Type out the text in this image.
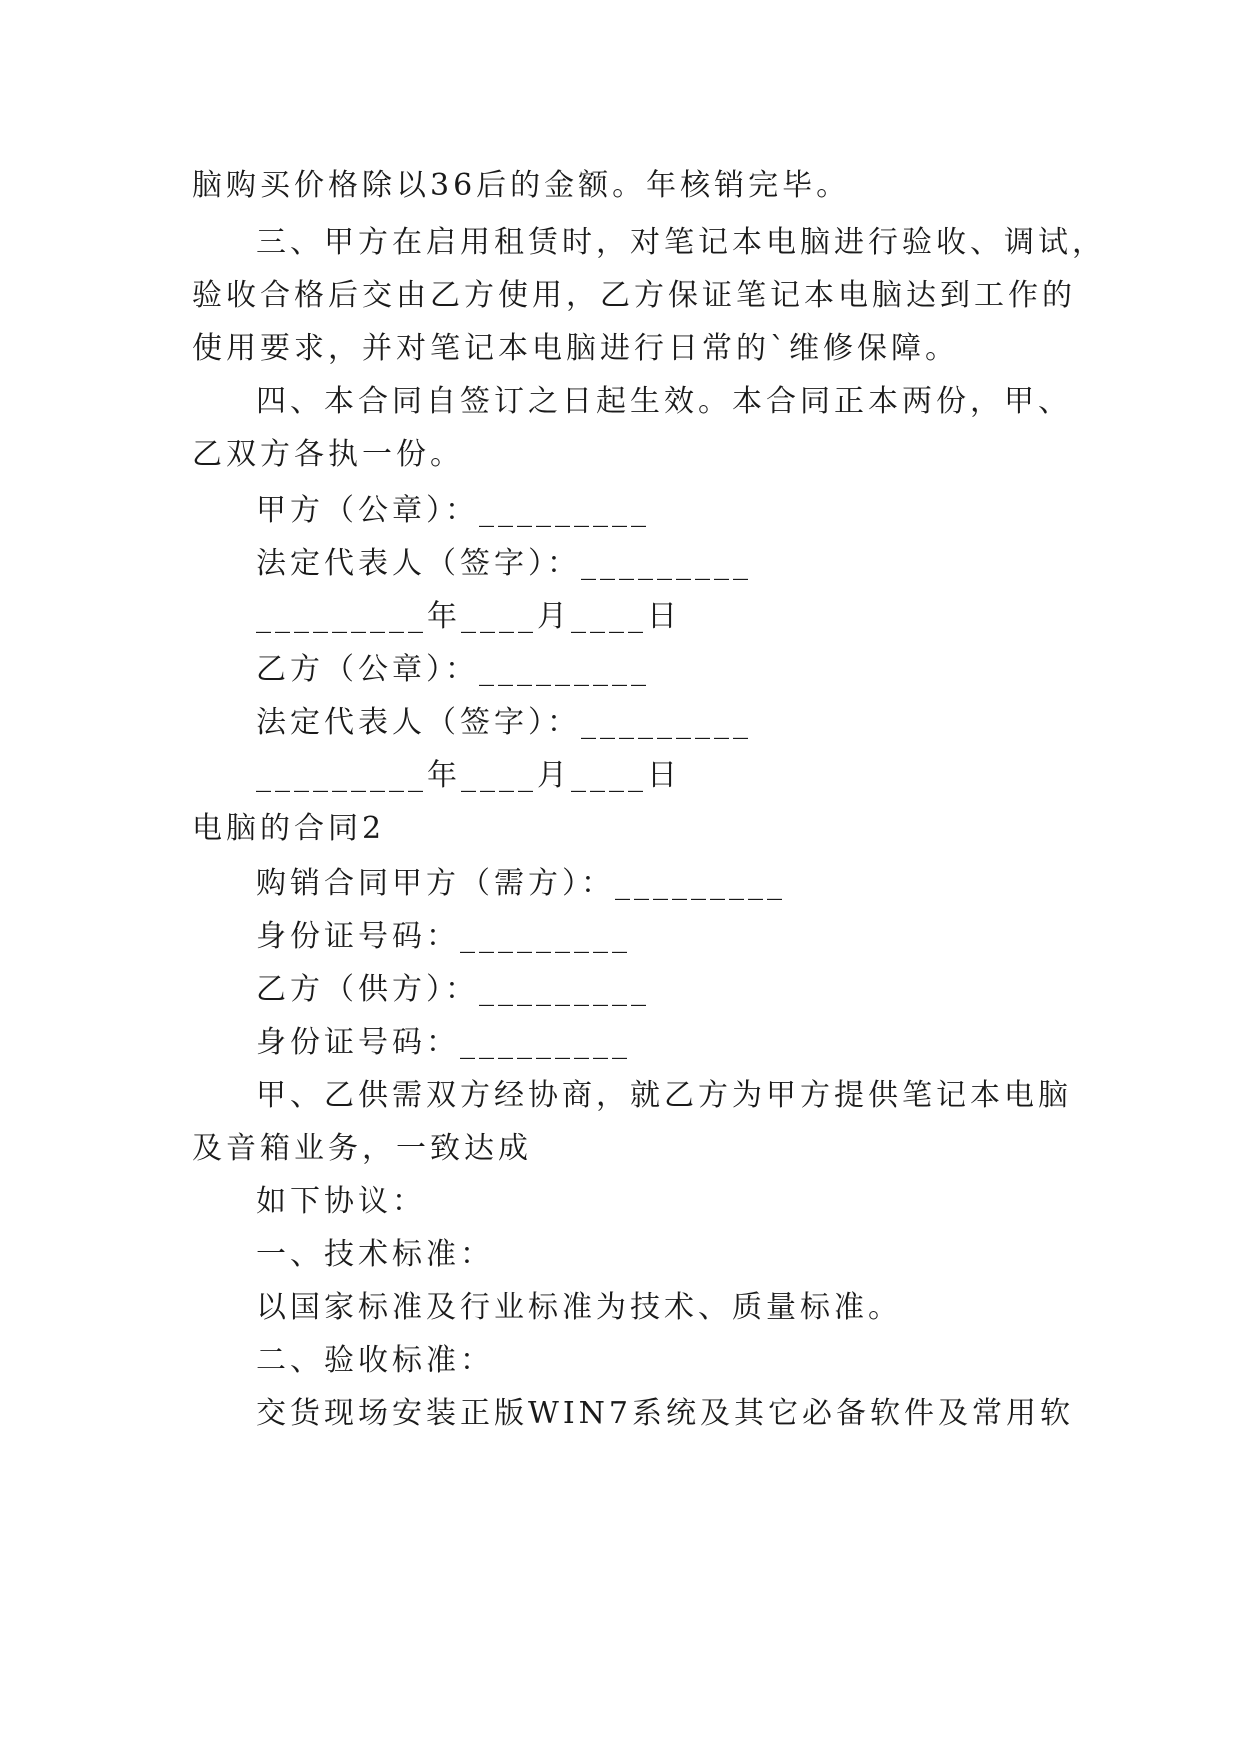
脑购买价格除以36后的金额。年核销完毕。
三、甲方在启用租赁时，对笔记本电脑进行验收、调试，
验收合格后交由乙方使用，乙方保证笔记本电脑达到工作的
使用要求，并对笔记本电脑进行日常的`维修保障。
四、本合同自签订之日起生效。本合同正本两份，甲、
乙双方各执一份。
甲方（公章）：_________
法定代表人（签字）：_________
_________年____月____日
乙方（公章）：_________
法定代表人（签字）：_________
_________年____月____日
电脑的合同2
购销合同甲方（需方）：_________
身份证号码：_________
乙方（供方）：_________
身份证号码：_________
甲、乙供需双方经协商，就乙方为甲方提供笔记本电脑
及音箱业务，一致达成
如下协议：
一、技术标准：
以国家标准及行业标准为技术、质量标准。
二、验收标准：
交货现场安装正版WIN7系统及其它必备软件及常用软
